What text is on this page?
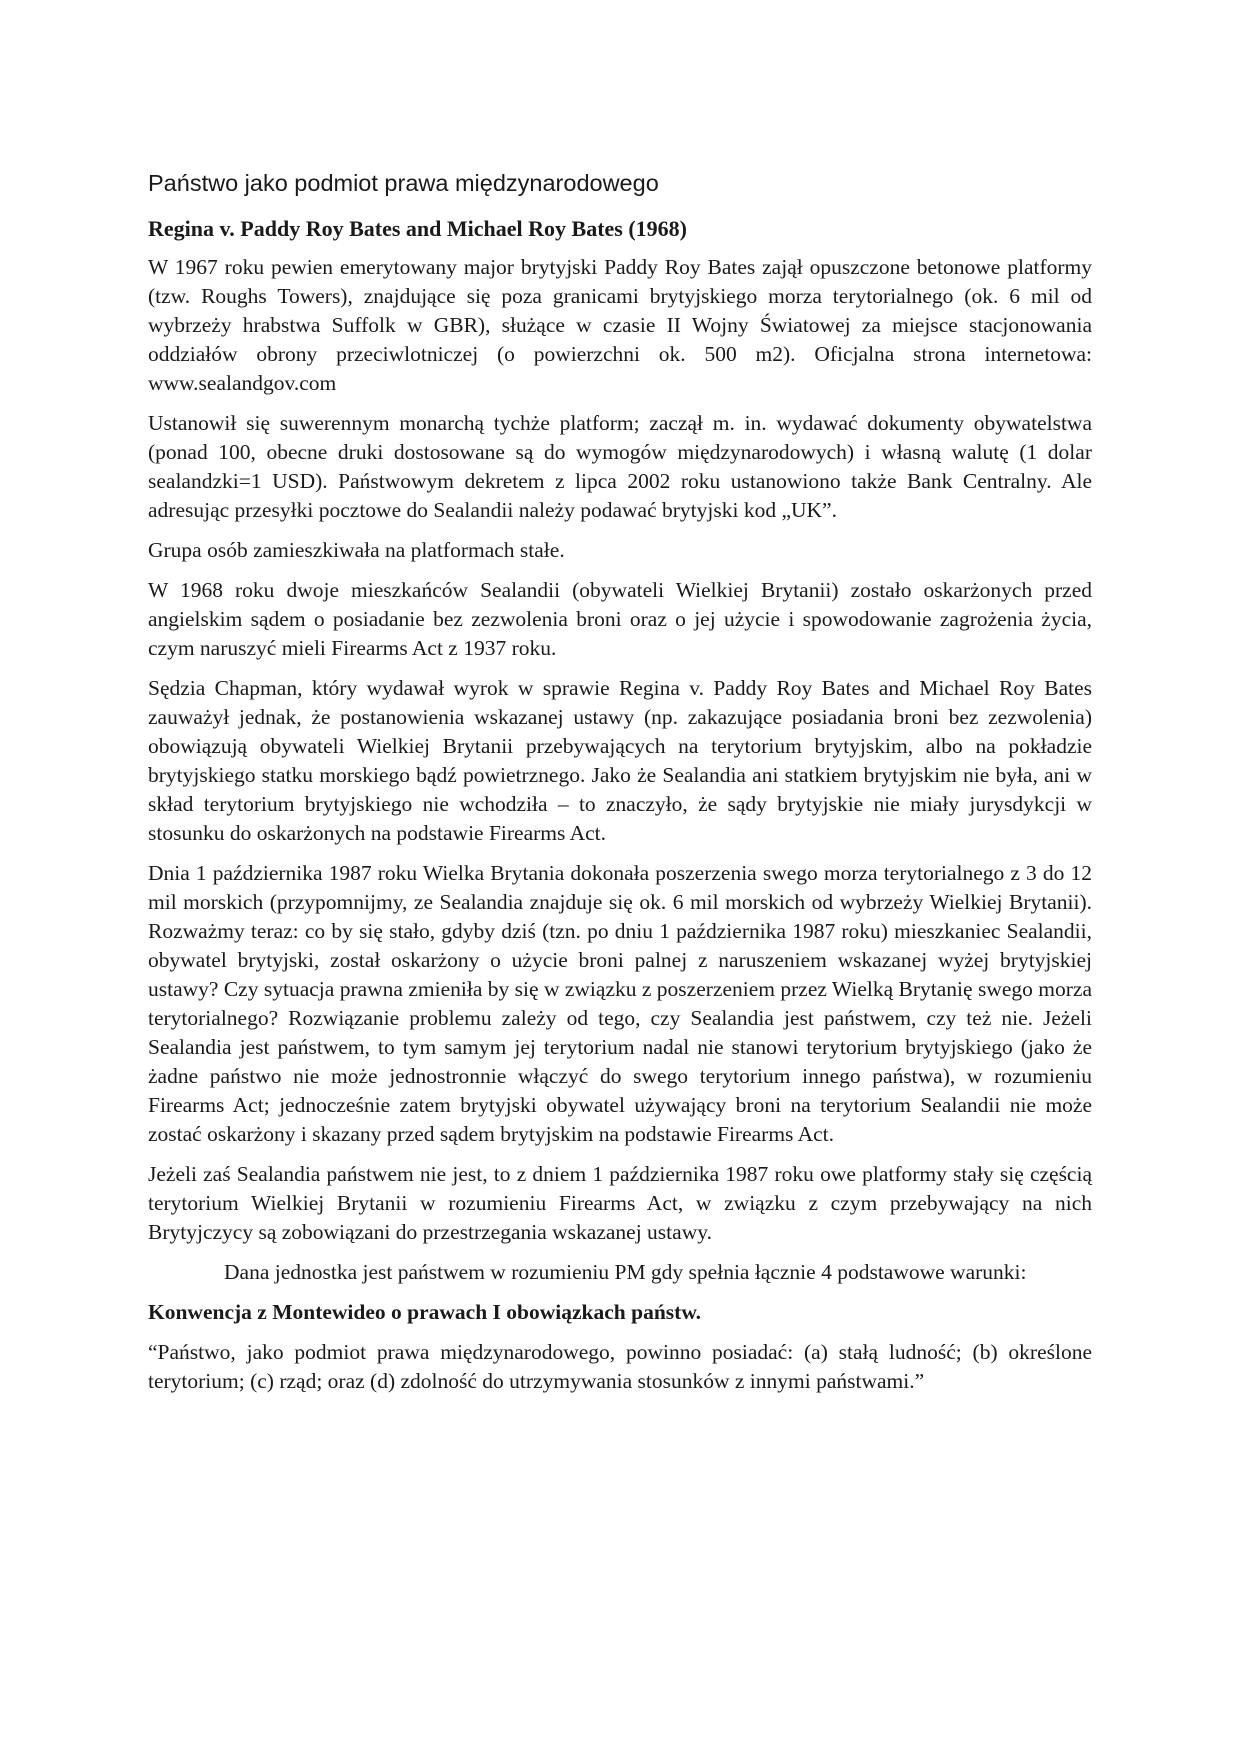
Państwo jako podmiot prawa międzynarodowego
Regina v. Paddy Roy Bates and Michael Roy Bates (1968)

W 1967 roku pewien emerytowany major brytyjski Paddy Roy Bates zajął opuszczone betonowe platformy (tzw. Roughs Towers), znajdujące się poza granicami brytyjskiego morza terytorialnego (ok. 6 mil od wybrzeży hrabstwa Suffolk w GBR), służące w czasie II Wojny Światowej za miejsce stacjonowania oddziałów obrony przeciwlotniczej (o powierzchni ok. 500 m2). Oficjalna strona internetowa: www.sealandgov.com

Ustanowił się suwerennym monarchą tychże platform; zaczął m. in. wydawać dokumenty obywatelstwa (ponad 100, obecne druki dostosowane są do wymogów międzynarodowych) i własną walutę (1 dolar sealandzki=1 USD). Państwowym dekretem z lipca 2002 roku ustanowiono także Bank Centralny. Ale adresując przesyłki pocztowe do Sealandii należy podawać brytyjski kod „UK”.

Grupa osób zamieszkiwała na platformach stałe.

W 1968 roku dwoje mieszkańców Sealandii (obywateli Wielkiej Brytanii) zostało oskarżonych przed angielskim sądem o posiadanie bez zezwolenia broni oraz o jej użycie i spowodowanie zagrożenia życia, czym naruszyć mieli Firearms Act z 1937 roku.

Sędzia Chapman, który wydawał wyrok w sprawie Regina v. Paddy Roy Bates and Michael Roy Bates zauważył jednak, że postanowienia wskazanej ustawy (np. zakazujące posiadania broni bez zezwolenia) obowiązują obywateli Wielkiej Brytanii przebywających na terytorium brytyjskim, albo na pokładzie brytyjskiego statku morskiego bądź powietrznego. Jako że Sealandia ani statkiem brytyjskim nie była, ani w skład terytorium brytyjskiego nie wchodziła – to znaczyło, że sądy brytyjskie nie miały jurysdykcji w stosunku do oskarżonych na podstawie Firearms Act.

Dnia 1 października 1987 roku Wielka Brytania dokonała poszerzenia swego morza terytorialnego z 3 do 12 mil morskich (przypomnijmy, ze Sealandia znajduje się ok. 6 mil morskich od wybrzeży Wielkiej Brytanii). Rozważmy teraz: co by się stało, gdyby dziś (tzn. po dniu 1 października 1987 roku) mieszkaniec Sealandii, obywatel brytyjski, został oskarżony o użycie broni palnej z naruszeniem wskazanej wyżej brytyjskiej ustawy? Czy sytuacja prawna zmieniła by się w związku z poszerzeniem przez Wielką Brytanię swego morza terytorialnego? Rozwiązanie problemu zależy od tego, czy Sealandia jest państwem, czy też nie. Jeżeli Sealandia jest państwem, to tym samym jej terytorium nadal nie stanowi terytorium brytyjskiego (jako że żadne państwo nie może jednostronnie włączyć do swego terytorium innego państwa), w rozumieniu Firearms Act; jednocześnie zatem brytyjski obywatel używający broni na terytorium Sealandii nie może zostać oskarżony i skazany przed sądem brytyjskim na podstawie Firearms Act.

Jeżeli zaś Sealandia państwem nie jest, to z dniem 1 października 1987 roku owe platformy stały się częścią terytorium Wielkiej Brytanii w rozumieniu Firearms Act, w związku z czym przebywający na nich Brytyjczycy są zobowiązani do przestrzegania wskazanej ustawy.

Dana jednostka jest państwem w rozumieniu PM gdy spełnia łącznie 4 podstawowe warunki:

Konwencja z Montewideo o prawach I obowiązkach państw.

“Państwo, jako podmiot prawa międzynarodowego, powinno posiadać: (a) stałą ludność; (b) określone terytorium; (c) rząd; oraz (d) zdolność do utrzymywania stosunków z innymi państwami.”
